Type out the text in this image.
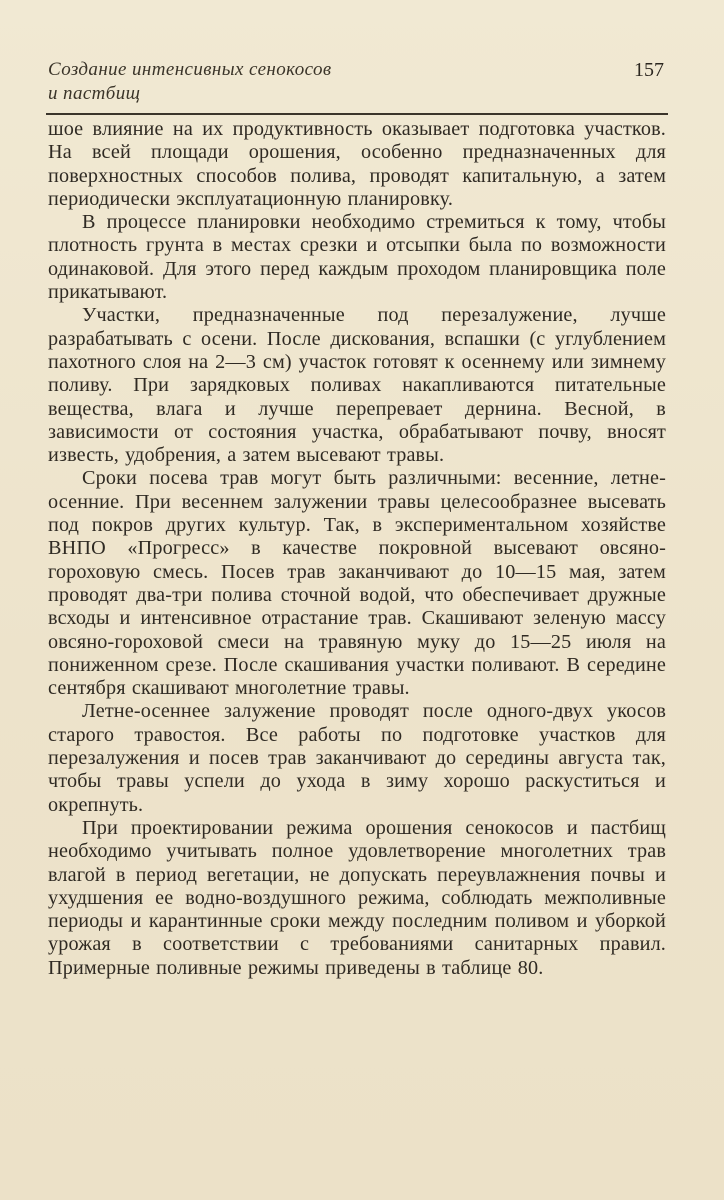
Создание интенсивных сенокосов
и пастбищ
157

шое влияние на их продуктивность оказывает подготовка участков. На всей площади орошения, особенно предназначенных для поверхностных способов полива, проводят капитальную, а затем периодически эксплуатационную планировку.

В процессе планировки необходимо стремиться к тому, чтобы плотность грунта в местах срезки и отсыпки была по возможности одинаковой. Для этого перед каждым проходом планировщика поле прикатывают.

Участки, предназначенные под перезалужение, лучше разрабатывать с осени. После дискования, вспашки (с углублением пахотного слоя на 2—3 см) участок готовят к осеннему или зимнему поливу. При зарядковых поливах накапливаются питательные вещества, влага и лучше перепревает дернина. Весной, в зависимости от состояния участка, обрабатывают почву, вносят известь, удобрения, а затем высевают травы.

Сроки посева трав могут быть различными: весенние, летне-осенние. При весеннем залужении травы целесообразнее высевать под покров других культур. Так, в экспериментальном хозяйстве ВНПО «Прогресс» в качестве покровной высевают овсяно-гороховую смесь. Посев трав заканчивают до 10—15 мая, затем проводят два-три полива сточной водой, что обеспечивает дружные всходы и интенсивное отрастание трав. Скашивают зеленую массу овсяно-гороховой смеси на травяную муку до 15—25 июля на пониженном срезе. После скашивания участки поливают. В середине сентября скашивают многолетние травы.

Летне-осеннее залужение проводят после одного-двух укосов старого травостоя. Все работы по подготовке участков для перезалужения и посев трав заканчивают до середины августа так, чтобы травы успели до ухода в зиму хорошо раскуститься и окрепнуть.

При проектировании режима орошения сенокосов и пастбищ необходимо учитывать полное удовлетворение многолетних трав влагой в период вегетации, не допускать переувлажнения почвы и ухудшения ее водно-воздушного режима, соблюдать межполивные периоды и карантинные сроки между последним поливом и уборкой урожая в соответствии с требованиями санитарных правил. Примерные поливные режимы приведены в таблице 80.
